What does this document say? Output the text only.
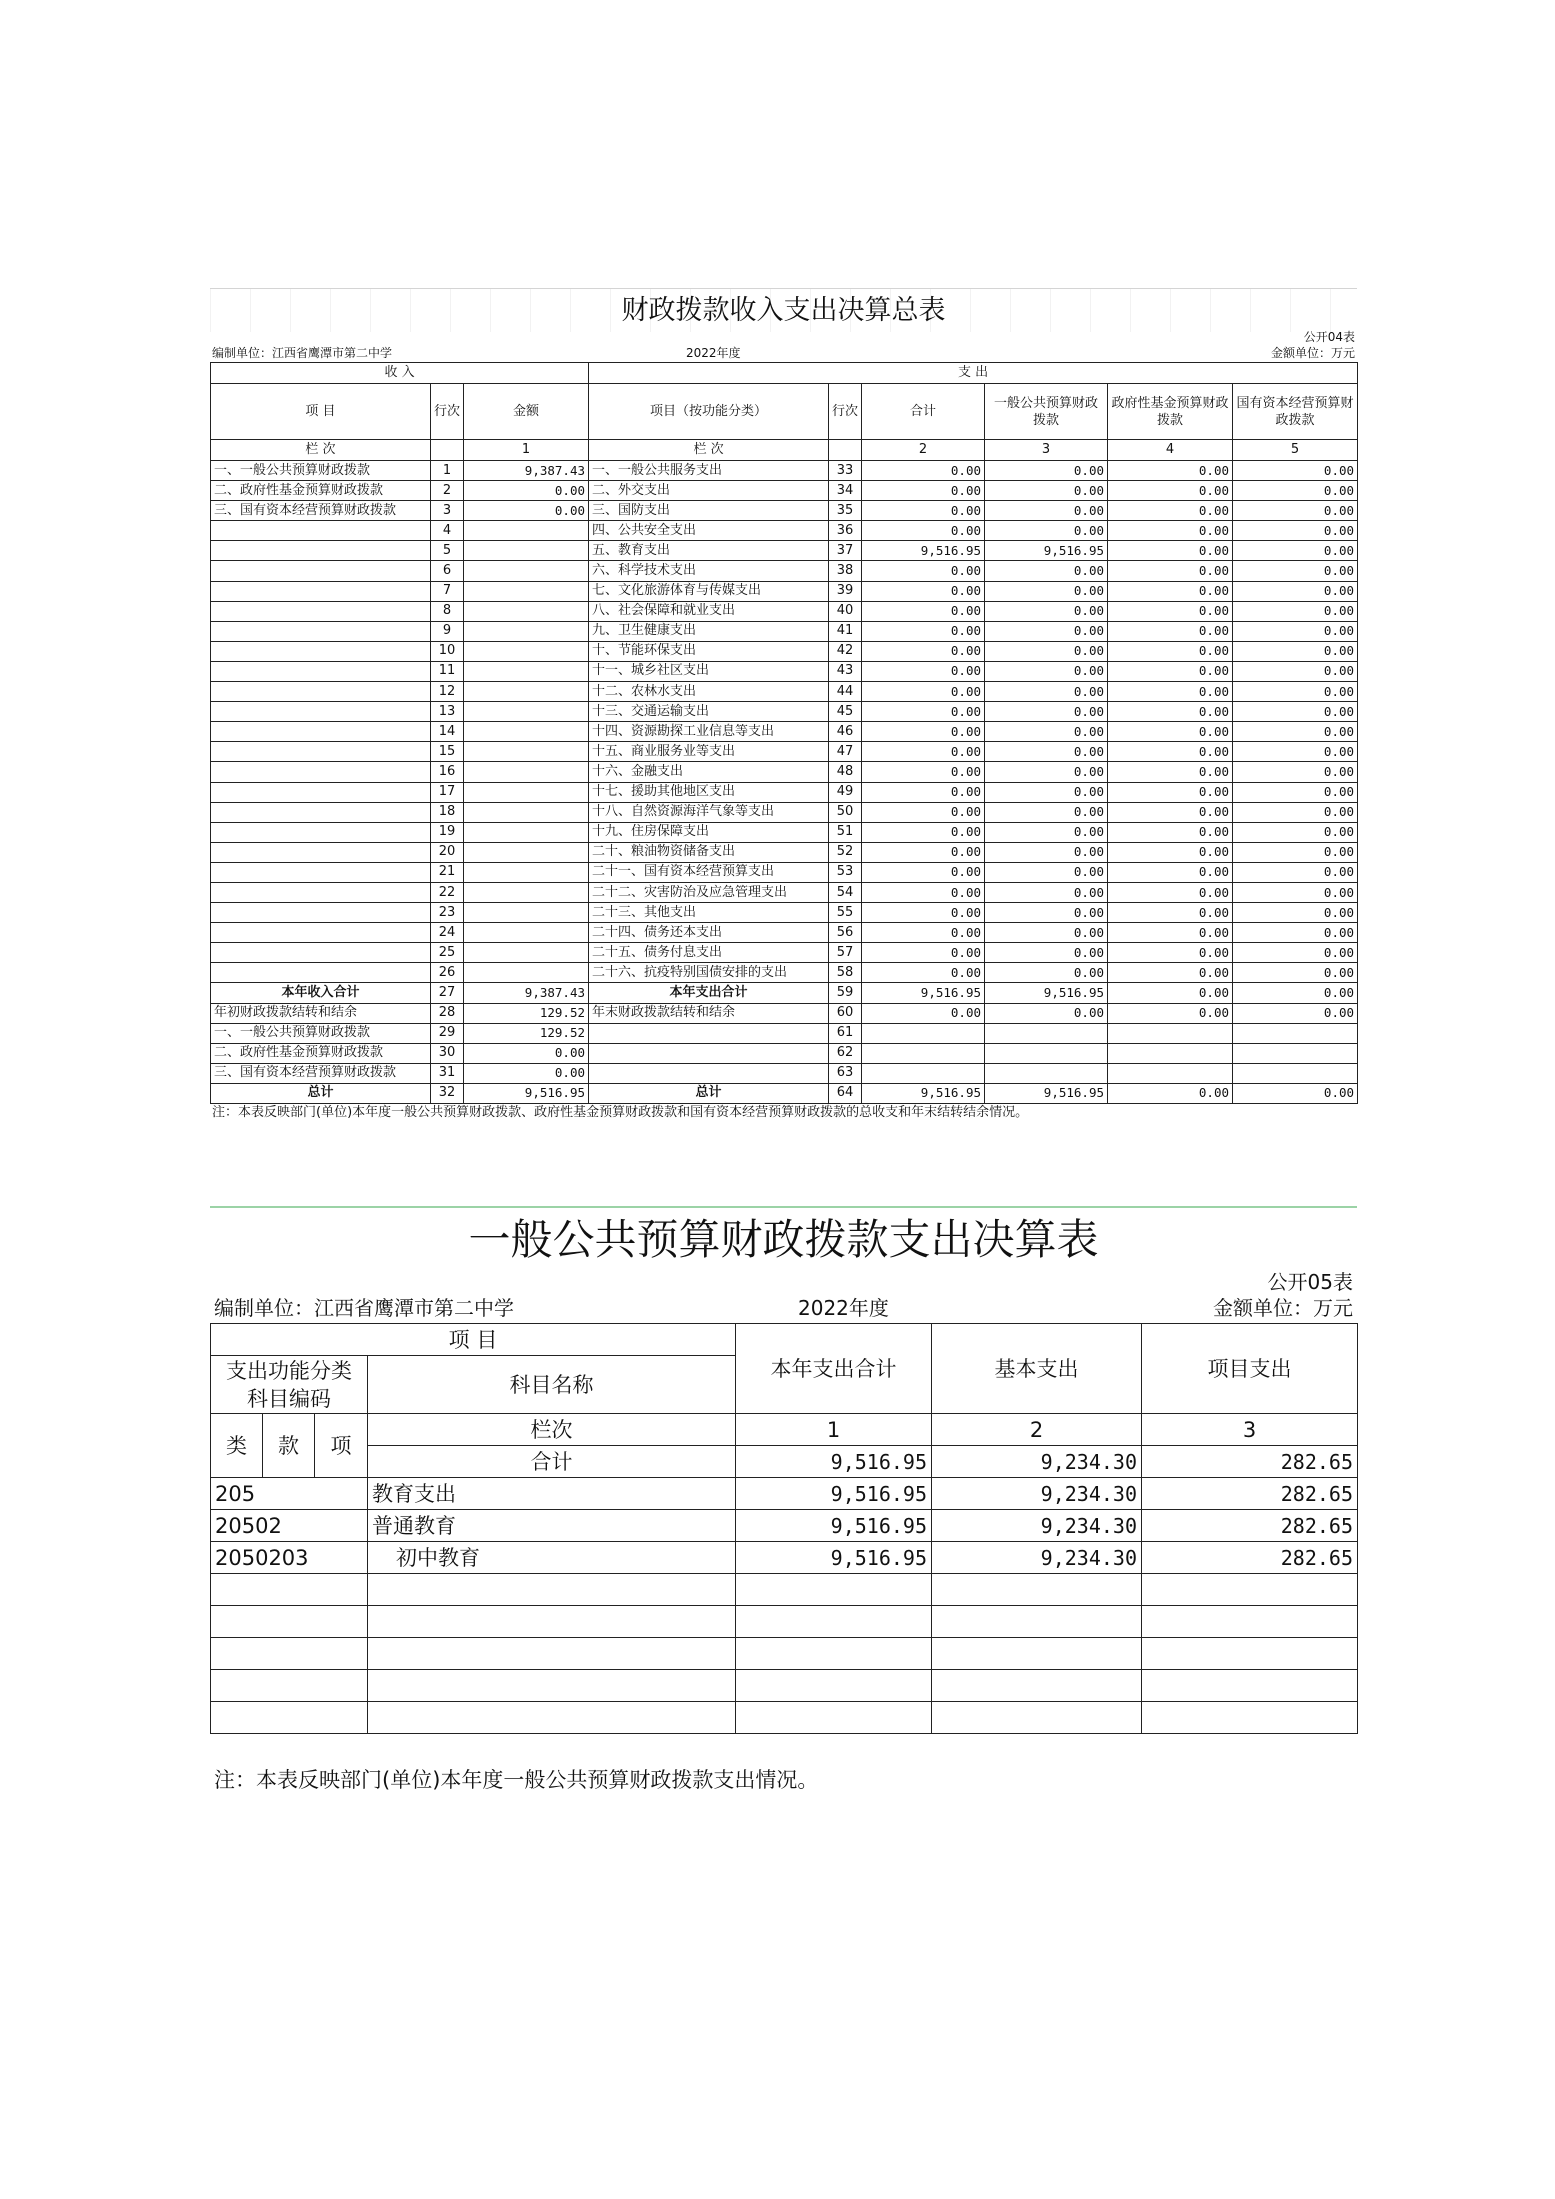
财政拨款收入支出决算总表
公开04表
编制单位：江西省鹰潭市第二中学	2022年度	金额单位：万元
收 入			支 出					
项 目	行次	金额	项目（按功能分类）	行次	合计	一般公共预算财政拨款	政府性基金预算财政拨款	国有资本经营预算财政拨款
栏 次		1	栏 次		2	3	4	5
一、一般公共预算财政拨款	1	9,387.43	一、一般公共服务支出	33	0.00	0.00	0.00	0.00
二、政府性基金预算财政拨款	2	0.00	二、外交支出	34	0.00	0.00	0.00	0.00
三、国有资本经营预算财政拨款	3	0.00	三、国防支出	35	0.00	0.00	0.00	0.00
	4		四、公共安全支出	36	0.00	0.00	0.00	0.00
	5		五、教育支出	37	9,516.95	9,516.95	0.00	0.00
	6		六、科学技术支出	38	0.00	0.00	0.00	0.00
	7		七、文化旅游体育与传媒支出	39	0.00	0.00	0.00	0.00
	8		八、社会保障和就业支出	40	0.00	0.00	0.00	0.00
	9		九、卫生健康支出	41	0.00	0.00	0.00	0.00
	10		十、节能环保支出	42	0.00	0.00	0.00	0.00
	11		十一、城乡社区支出	43	0.00	0.00	0.00	0.00
	12		十二、农林水支出	44	0.00	0.00	0.00	0.00
	13		十三、交通运输支出	45	0.00	0.00	0.00	0.00
	14		十四、资源勘探工业信息等支出	46	0.00	0.00	0.00	0.00
	15		十五、商业服务业等支出	47	0.00	0.00	0.00	0.00
	16		十六、金融支出	48	0.00	0.00	0.00	0.00
	17		十七、援助其他地区支出	49	0.00	0.00	0.00	0.00
	18		十八、自然资源海洋气象等支出	50	0.00	0.00	0.00	0.00
	19		十九、住房保障支出	51	0.00	0.00	0.00	0.00
	20		二十、粮油物资储备支出	52	0.00	0.00	0.00	0.00
	21		二十一、国有资本经营预算支出	53	0.00	0.00	0.00	0.00
	22		二十二、灾害防治及应急管理支出	54	0.00	0.00	0.00	0.00
	23		二十三、其他支出	55	0.00	0.00	0.00	0.00
	24		二十四、债务还本支出	56	0.00	0.00	0.00	0.00
	25		二十五、债务付息支出	57	0.00	0.00	0.00	0.00
	26		二十六、抗疫特别国债安排的支出	58	0.00	0.00	0.00	0.00
本年收入合计	27	9,387.43	本年支出合计	59	9,516.95	9,516.95	0.00	0.00
年初财政拨款结转和结余	28	129.52	年末财政拨款结转和结余	60	0.00	0.00	0.00	0.00
一、一般公共预算财政拨款	29	129.52		61				
二、政府性基金预算财政拨款	30	0.00		62				
三、国有资本经营预算财政拨款	31	0.00		63				
总计	32	9,516.95	总计	64	9,516.95	9,516.95	0.00	0.00
注：本表反映部门(单位)本年度一般公共预算财政拨款、政府性基金预算财政拨款和国有资本经营预算财政拨款的总收支和年末结转结余情况。
一般公共预算财政拨款支出决算表
公开05表
编制单位：江西省鹰潭市第二中学	2022年度	金额单位：万元
项 目				本年支出合计	基本支出	项目支出
支出功能分类科目编码			科目名称			

类	款	项	栏次	1	2	3
			合计	9,516.95	9,234.30	282.65
205			教育支出	9,516.95	9,234.30	282.65
20502			普通教育	9,516.95	9,234.30	282.65
2050203			初中教育	9,516.95	9,234.30	282.65

注：本表反映部门(单位)本年度一般公共预算财政拨款支出情况。
